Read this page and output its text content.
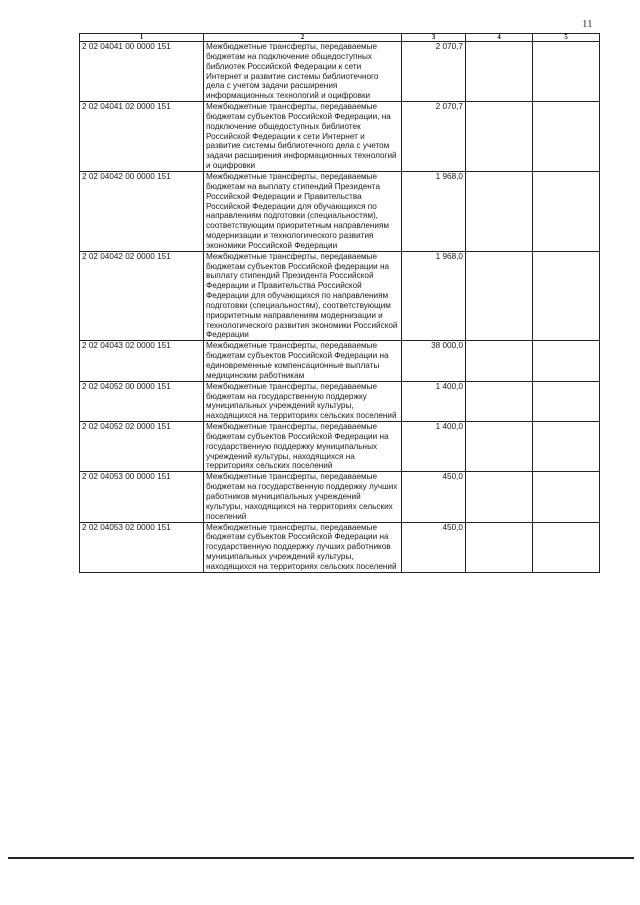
11
1	2	3	4	5
2 02 04041 00 0000 151	Межбюджетные трансферты, передаваемые бюджетам на подключение общедоступных библиотек Российской Федерации к сети Интернет и развитие системы библиотечного дела с учетом задачи расширения информационных технологий и оцифровки	2 070,7		
2 02 04041 02 0000 151	Межбюджетные трансферты, передаваемые бюджетам субъектов Российской Федерации, на подключение общедоступных библиотек Российской Федерации к сети Интернет и развитие системы библиотечного дела с учетом задачи расширения информационных технологий и оцифровки	2 070,7		
2 02 04042 00 0000 151	Межбюджетные трансферты, передаваемые бюджетам на выплату стипендий Президента Российской Федерации и Правительства Российской Федерации для обучающихся по направлениям подготовки (специальностям), соответствующим приоритетным направлениям модернизации и технологического развития экономики Российской Федерации	1 968,0		
2 02 04042 02 0000 151	Межбюджетные трансферты, передаваемые бюджетам субъектов Российской федерации на выплату стипендий Президента Российской Федерации и Правительства Российской Федерации для обучающихся по направлениям подготовки (специальностям), соответствующим приоритетным направлениям модернизации и технологического развития экономики Российской Федерации	1 968,0		
2 02 04043 02 0000 151	Межбюджетные трансферты, передаваемые бюджетам субъектов Российской Федерации на единовременные компенсационные выплаты медицинским работникам	38 000,0		
2 02 04052 00 0000 151	Межбюджетные трансферты, передаваемые бюджетам на государственную поддержку муниципальных учреждений культуры, находящихся на территориях сельских поселений	1 400,0		
2 02 04052 02 0000 151	Межбюджетные трансферты, передаваемые бюджетам субъектов Российской Федерации на государственную поддержку муниципальных учреждений культуры, находящихся на территориях сельских поселений	1 400,0		
2 02 04053 00 0000 151	Межбюджетные трансферты, передаваемые бюджетам на государственную поддержку лучших работников муниципальных учреждений культуры, находящихся на территориях сельских поселений	450,0		
2 02 04053 02 0000 151	Межбюджетные трансферты, передаваемые бюджетам субъектов Российской Федерации на государственную поддержку лучших работников муниципальных учреждений культуры, находящихся на территориях сельских поселений	450,0		
